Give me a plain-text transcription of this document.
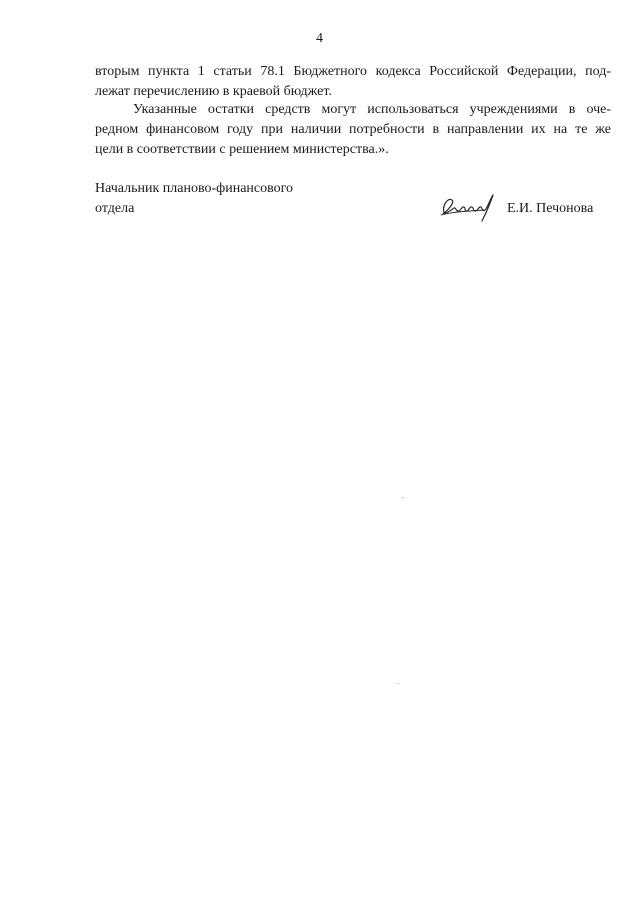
4
вторым пункта 1 статьи 78.1 Бюджетного кодекса Российской Федерации, под-
лежат перечислению в краевой бюджет.
Указанные остатки средств могут использоваться учреждениями в оче-
редном финансовом году при наличии потребности в направлении их на те же
цели в соответствии с решением министерства.».
Начальник планово-финансового
отдела	Е.И. Печонова
